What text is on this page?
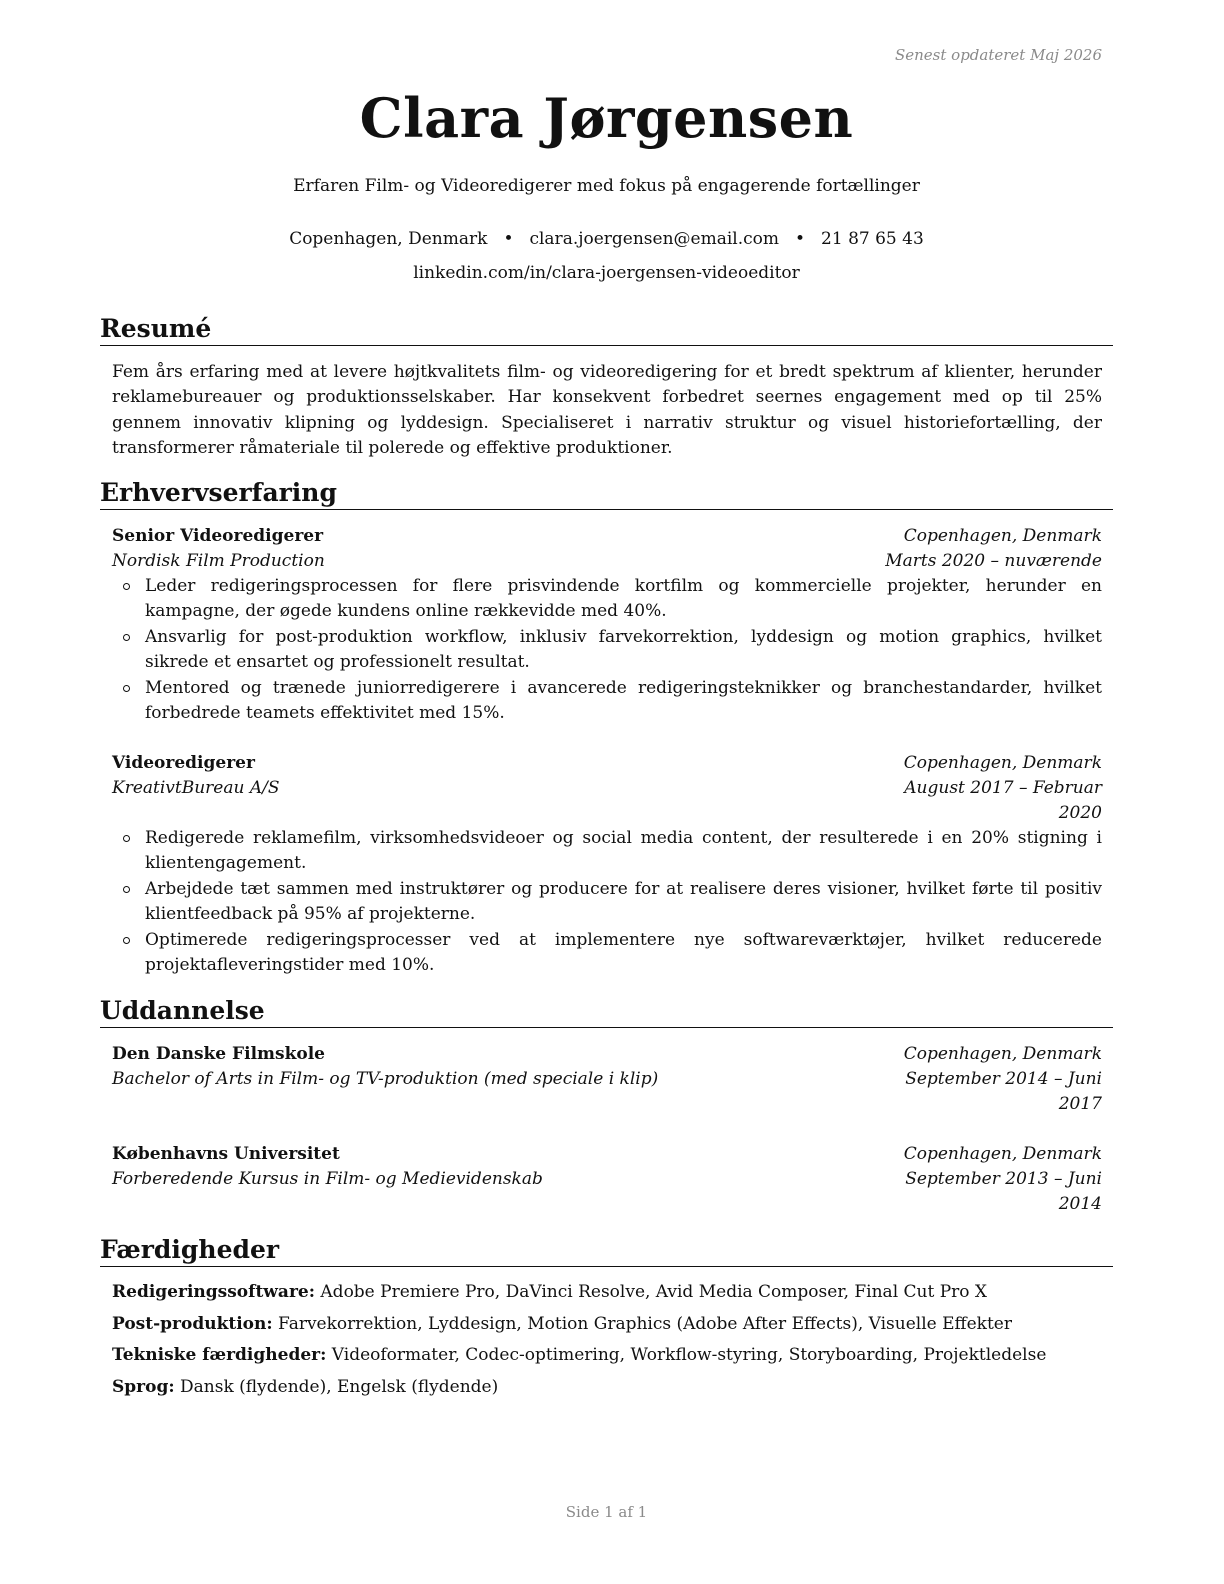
Senest opdateret Maj 2026
Clara Jørgensen
Erfaren Film- og Videoredigerer med fokus på engagerende fortællinger
Copenhagen, Denmark • clara.joergensen@email.com • 21 87 65 43
linkedin.com/in/clara-joergensen-videoeditor
Resumé
Fem års erfaring med at levere højtkvalitets film- og videoredigering for et bredt spektrum af klienter, herunder reklamebureauer og produktionsselskaber. Har konsekvent forbedret seernes engagement med op til 25% gennem innovativ klipning og lyddesign. Specialiseret i narrativ struktur og visuel historiefortælling, der transformerer råmateriale til polerede og effektive produktioner.
Erhvervserfaring
Senior Videoredigerer	Copenhagen, Denmark
Nordisk Film Production	Marts 2020 – nuværende
Leder redigeringsprocessen for flere prisvindende kortfilm og kommercielle projekter, herunder en kampagne, der øgede kundens online rækkevidde med 40%.
Ansvarlig for post-produktion workflow, inklusiv farvekorrektion, lyddesign og motion graphics, hvilket sikrede et ensartet og professionelt resultat.
Mentored og trænede juniorredigerere i avancerede redigeringsteknikker og branchestandarder, hvilket forbedrede teamets effektivitet med 15%.
Videoredigerer	Copenhagen, Denmark
KreativtBureau A/S	August 2017 – Februar 2020
Redigerede reklamefilm, virksomhedsvideoer og social media content, der resulterede i en 20% stigning i klientengagement.
Arbejdede tæt sammen med instruktører og producere for at realisere deres visioner, hvilket førte til positiv klientfeedback på 95% af projekterne.
Optimerede redigeringsprocesser ved at implementere nye softwareværktøjer, hvilket reducerede projektafleveringstider med 10%.
Uddannelse
Den Danske Filmskole	Copenhagen, Denmark
Bachelor of Arts in Film- og TV-produktion (med speciale i klip)	September 2014 – Juni 2017
Københavns Universitet	Copenhagen, Denmark
Forberedende Kursus in Film- og Medievidenskab	September 2013 – Juni 2014
Færdigheder
Redigeringssoftware: Adobe Premiere Pro, DaVinci Resolve, Avid Media Composer, Final Cut Pro X
Post-produktion: Farvekorrektion, Lyddesign, Motion Graphics (Adobe After Effects), Visuelle Effekter
Tekniske færdigheder: Videoformater, Codec-optimering, Workflow-styring, Storyboarding, Projektledelse
Sprog: Dansk (flydende), Engelsk (flydende)
Side 1 af 1
